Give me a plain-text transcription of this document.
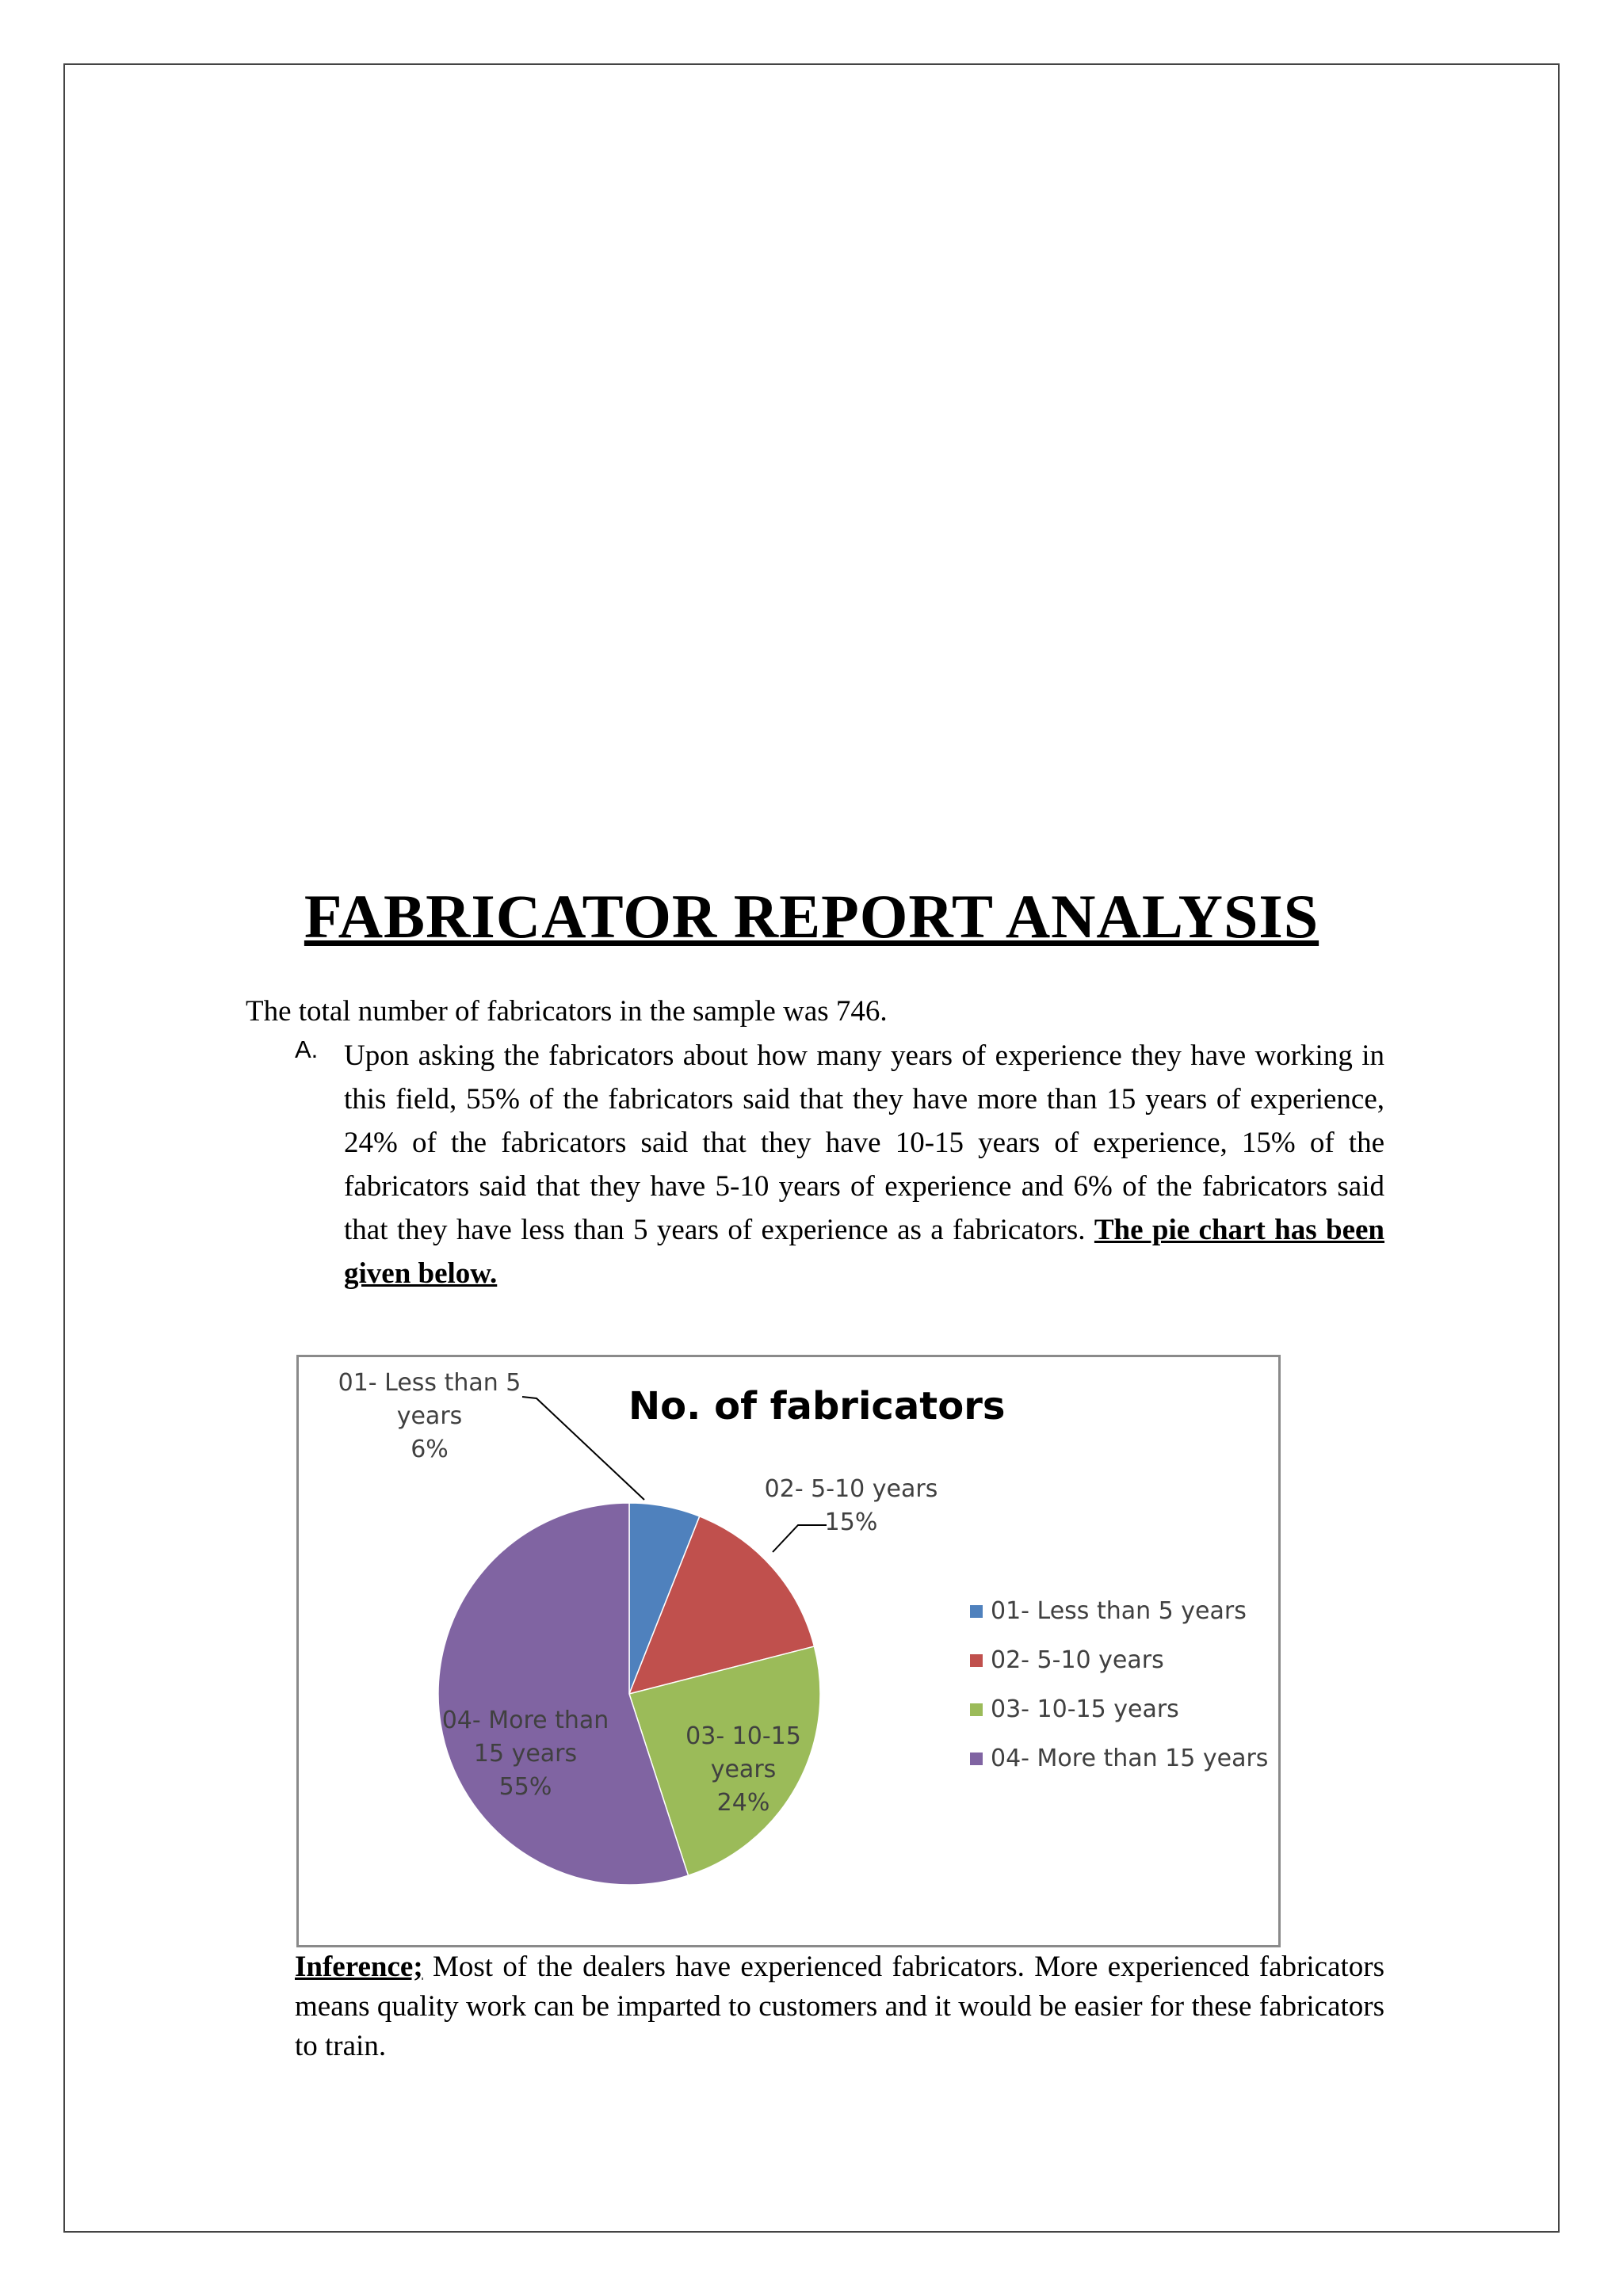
FABRICATOR REPORT ANALYSIS
The total number of fabricators in the sample was 746.
A. Upon asking the fabricators about how many years of experience they have working in this field, 55% of the fabricators said that they have more than 15 years of experience, 24% of the fabricators said that they have 10-15 years of experience, 15% of the fabricators said that they have 5-10 years of experience and 6% of the fabricators said that they have less than 5 years of experience as a fabricators. The pie chart has been given below.
01- Less than 5 years 6%
02- 5-10 years 15%
03- 10-15 years 24%
04- More than 15 years 55%
01- Less than 5 years
02- 5-10 years
03- 10-15 years
04- More than 15 years
No. of fabricators
Inference; Most of the dealers have experienced fabricators. More experienced fabricators means quality work can be imparted to customers and it would be easier for these fabricators to train.
